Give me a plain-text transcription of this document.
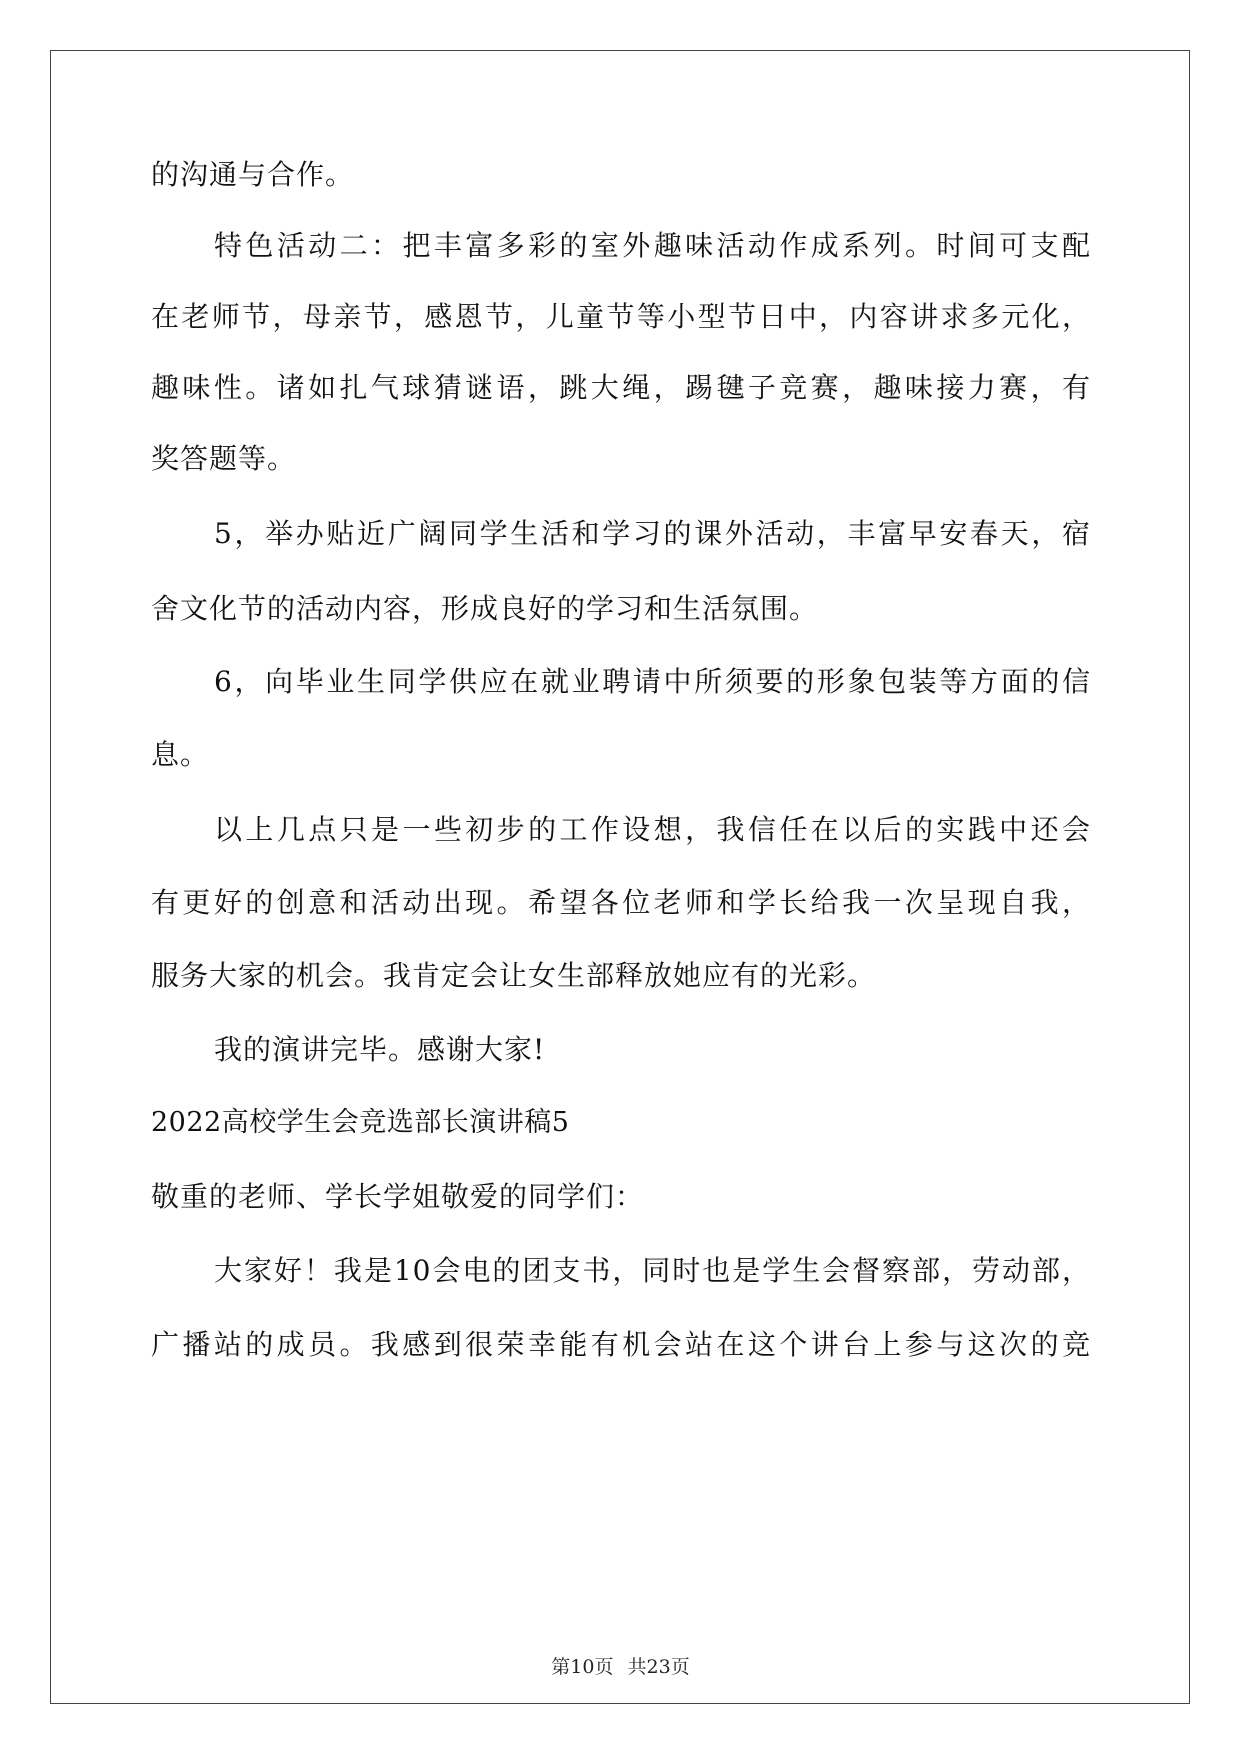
的沟通与合作。
特色活动二：把丰富多彩的室外趣味活动作成系列。时间可支配
在老师节，母亲节，感恩节，儿童节等小型节日中，内容讲求多元化，
趣味性。诸如扎气球猜谜语，跳大绳，踢毽子竞赛，趣味接力赛，有
奖答题等。
5，举办贴近广阔同学生活和学习的课外活动，丰富早安春天，宿
舍文化节的活动内容，形成良好的学习和生活氛围。
6，向毕业生同学供应在就业聘请中所须要的形象包装等方面的信
息。
以上几点只是一些初步的工作设想，我信任在以后的实践中还会
有更好的创意和活动出现。希望各位老师和学长给我一次呈现自我，
服务大家的机会。我肯定会让女生部释放她应有的光彩。
我的演讲完毕。感谢大家!
2022高校学生会竞选部长演讲稿5
敬重的老师、学长学姐敬爱的同学们：
大家好！我是10会电的团支书，同时也是学生会督察部，劳动部，
广播站的成员。我感到很荣幸能有机会站在这个讲台上参与这次的竞
第10页 共23页
